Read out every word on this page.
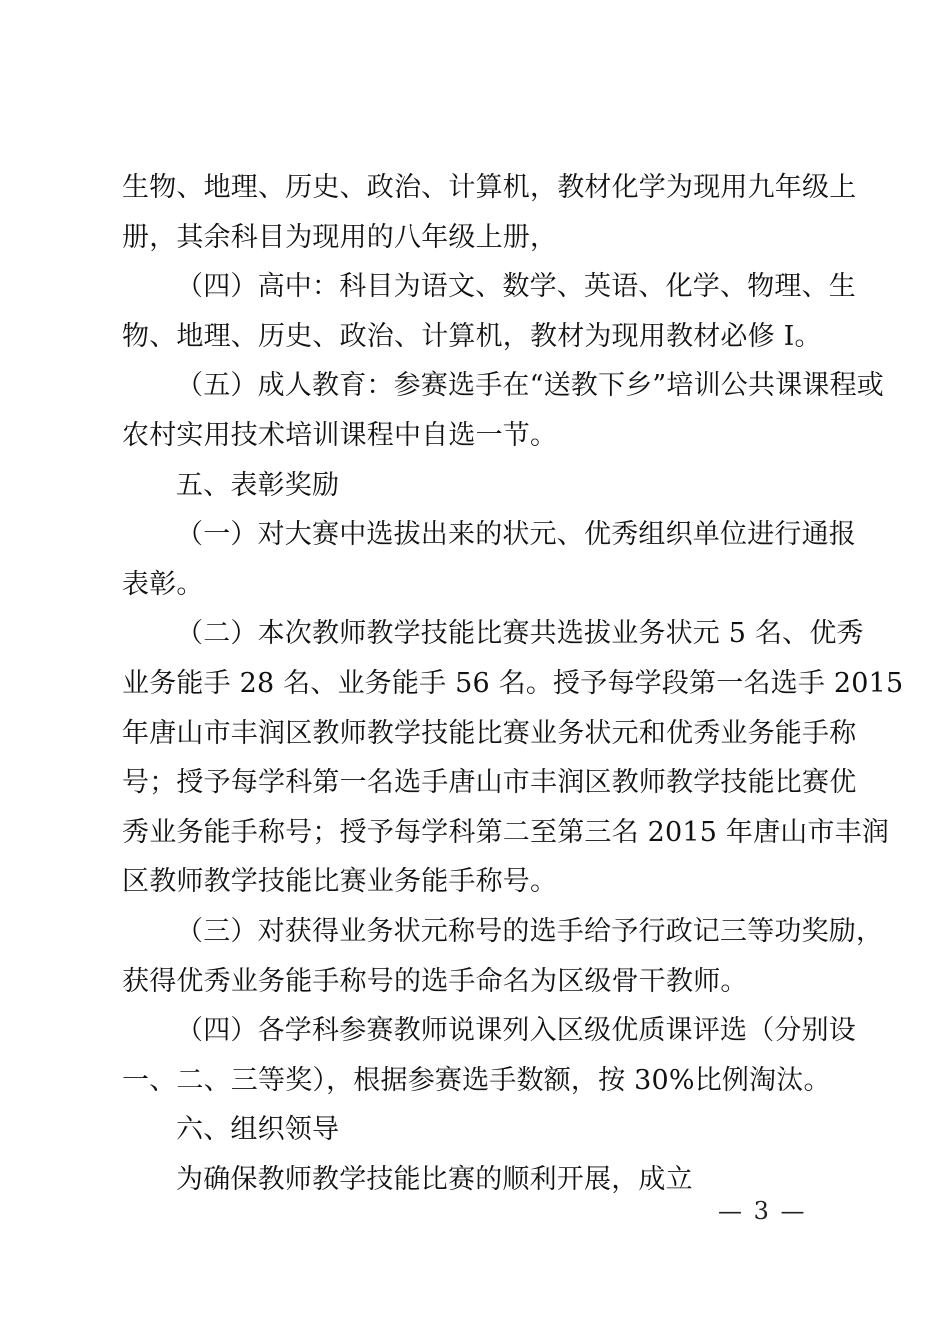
生物、地理、历史、政治、计算机，教材化学为现用九年级上
册，其余科目为现用的八年级上册，
（四）高中：科目为语文、数学、英语、化学、物理、生
物、地理、历史、政治、计算机，教材为现用教材必修 I。
（五）成人教育：参赛选手在“送教下乡”培训公共课课程或
农村实用技术培训课程中自选一节。
五、表彰奖励
（一）对大赛中选拔出来的状元、优秀组织单位进行通报
表彰。
（二）本次教师教学技能比赛共选拔业务状元 5 名、优秀
业务能手 28 名、业务能手 56 名。授予每学段第一名选手 2015
年唐山市丰润区教师教学技能比赛业务状元和优秀业务能手称
号；授予每学科第一名选手唐山市丰润区教师教学技能比赛优
秀业务能手称号；授予每学科第二至第三名 2015 年唐山市丰润
区教师教学技能比赛业务能手称号。
（三）对获得业务状元称号的选手给予行政记三等功奖励，
获得优秀业务能手称号的选手命名为区级骨干教师。
（四）各学科参赛教师说课列入区级优质课评选（分别设
一、二、三等奖），根据参赛选手数额，按 30%比例淘汰。
六、组织领导
为确保教师教学技能比赛的顺利开展，成立
— 3 —
